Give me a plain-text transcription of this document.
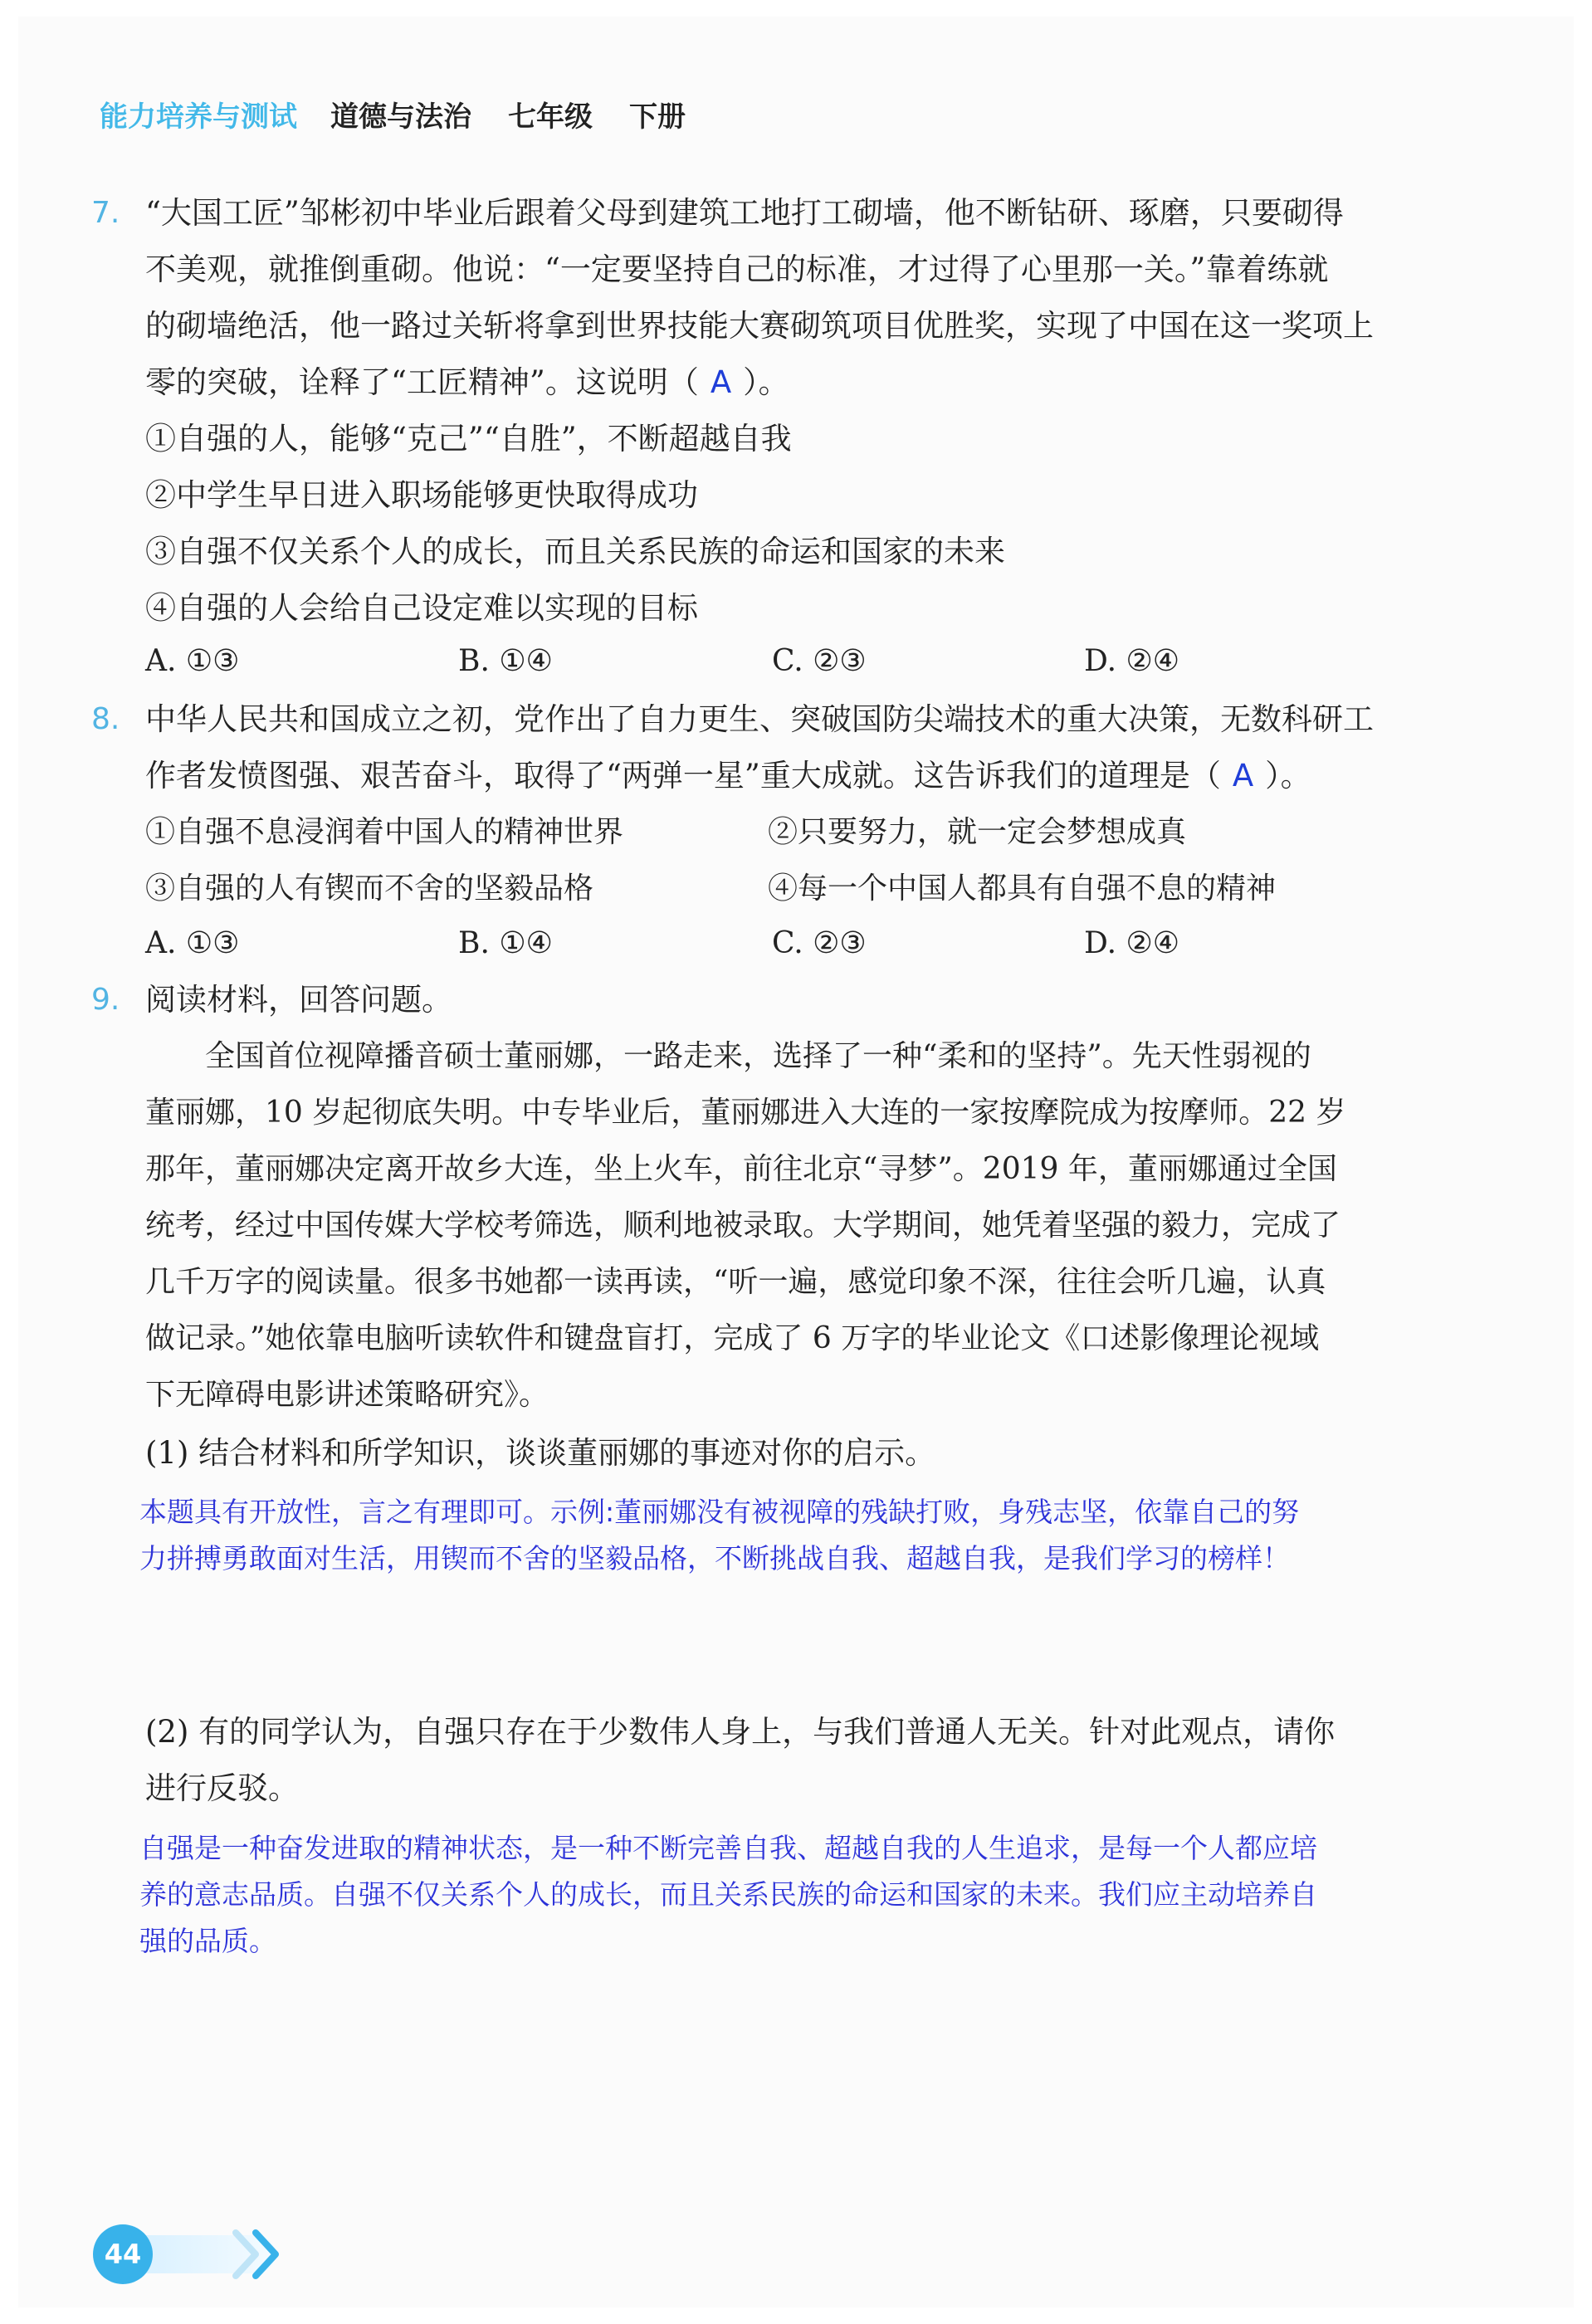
能力培养与测试 道德与法治 七年级 下册
7. “大国工匠”邹彬初中毕业后跟着父母到建筑工地打工砌墙，他不断钻研、琢磨，只要砌得
不美观，就推倒重砌。他说：“一定要坚持自己的标准，才过得了心里那一关。”靠着练就
的砌墙绝活，他一路过关斩将拿到世界技能大赛砌筑项目优胜奖，实现了中国在这一奖项上
零的突破，诠释了“工匠精神”。这说明（ A ）。
①自强的人，能够“克己”“自胜”，不断超越自我
②中学生早日进入职场能够更快取得成功
③自强不仅关系个人的成长，而且关系民族的命运和国家的未来
④自强的人会给自己设定难以实现的目标
A. ①③	B. ①④	C. ②③	D. ②④
8. 中华人民共和国成立之初，党作出了自力更生、突破国防尖端技术的重大决策，无数科研工
作者发愤图强、艰苦奋斗，取得了“两弹一星”重大成就。这告诉我们的道理是（ A ）。
①自强不息浸润着中国人的精神世界	②只要努力，就一定会梦想成真
③自强的人有锲而不舍的坚毅品格	④每一个中国人都具有自强不息的精神
A. ①③	B. ①④	C. ②③	D. ②④
9. 阅读材料，回答问题。
　　全国首位视障播音硕士董丽娜，一路走来，选择了一种“柔和的坚持”。先天性弱视的
董丽娜，10 岁起彻底失明。中专毕业后，董丽娜进入大连的一家按摩院成为按摩师。22 岁
那年，董丽娜决定离开故乡大连，坐上火车，前往北京“寻梦”。2019 年，董丽娜通过全国
统考，经过中国传媒大学校考筛选，顺利地被录取。大学期间，她凭着坚强的毅力，完成了
几千万字的阅读量。很多书她都一读再读，“听一遍，感觉印象不深，往往会听几遍，认真
做记录。”她依靠电脑听读软件和键盘盲打，完成了 6 万字的毕业论文《口述影像理论视域
下无障碍电影讲述策略研究》。
(1) 结合材料和所学知识，谈谈董丽娜的事迹对你的启示。
本题具有开放性，言之有理即可。示例:董丽娜没有被视障的残缺打败，身残志坚，依靠自己的努
力拼搏勇敢面对生活，用锲而不舍的坚毅品格，不断挑战自我、超越自我，是我们学习的榜样！
(2) 有的同学认为，自强只存在于少数伟人身上，与我们普通人无关。针对此观点，请你
进行反驳。
自强是一种奋发进取的精神状态，是一种不断完善自我、超越自我的人生追求，是每一个人都应培
养的意志品质。自强不仅关系个人的成长，而且关系民族的命运和国家的未来。我们应主动培养自
强的品质。
44
